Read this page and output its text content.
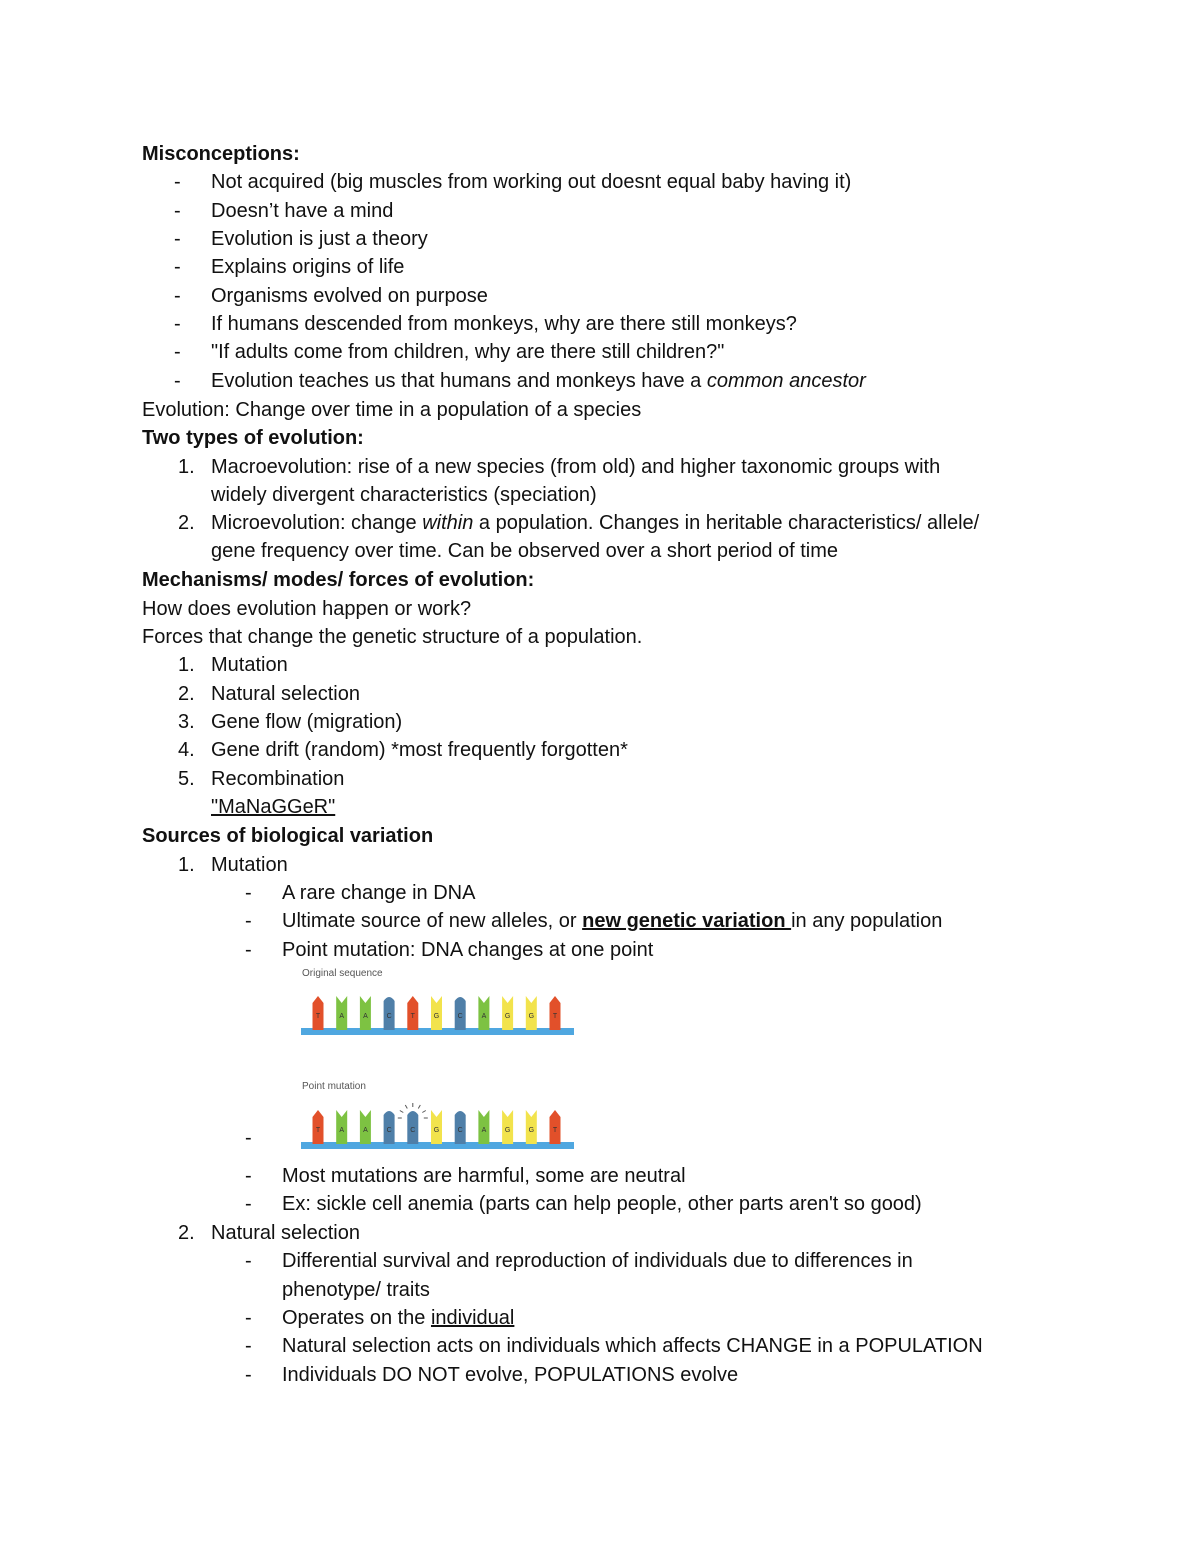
Misconceptions:
- Not acquired (big muscles from working out doesnt equal baby having it)
- Doesn’t have a mind
- Evolution is just a theory
- Explains origins of life
- Organisms evolved on purpose
- If humans descended from monkeys, why are there still monkeys?
- "If adults come from children, why are there still children?"
- Evolution teaches us that humans and monkeys have a common ancestor
Evolution: Change over time in a population of a species
Two types of evolution:
1. Macroevolution: rise of a new species (from old) and higher taxonomic groups with
widely divergent characteristics (speciation)
2. Microevolution: change within a population. Changes in heritable characteristics/ allele/
gene frequency over time. Can be observed over a short period of time
Mechanisms/ modes/ forces of evolution:
How does evolution happen or work?
Forces that change the genetic structure of a population.
1. Mutation
2. Natural selection
3. Gene flow (migration)
4. Gene drift (random) *most frequently forgotten*
5. Recombination
"MaNaGGeR"
Sources of biological variation
1. Mutation
- A rare change in DNA
- Ultimate source of new alleles, or new genetic variation in any population
- Point mutation: DNA changes at one point
Original sequence
T	A	A	C	T	G	C	A	G	G	T
Point mutation
T	A	A	C	C	G	C	A	G	G	T
-
- Most mutations are harmful, some are neutral
- Ex: sickle cell anemia (parts can help people, other parts aren't so good)
2. Natural selection
- Differential survival and reproduction of individuals due to differences in
phenotype/ traits
- Operates on the individual
- Natural selection acts on individuals which affects CHANGE in a POPULATION
- Individuals DO NOT evolve, POPULATIONS evolve
